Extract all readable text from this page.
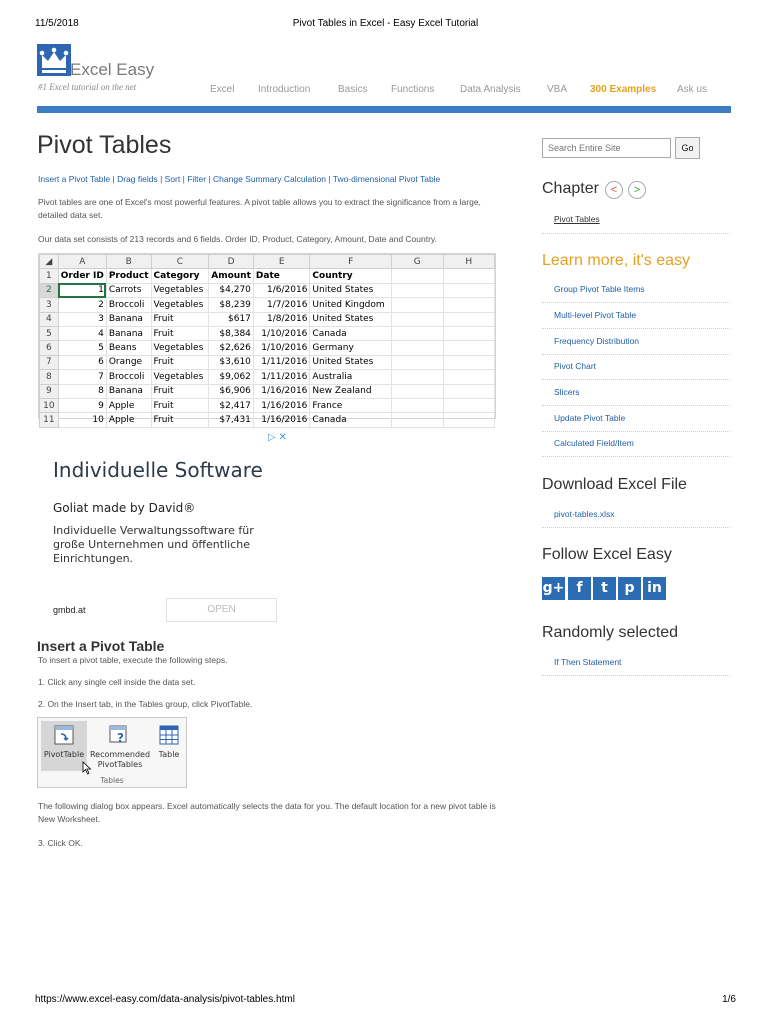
11/5/2018	Pivot Tables in Excel - Easy Excel Tutorial
Excel Easy
#1 Excel tutorial on the net	Excel Introduction	Basics Functions	Data Analysis	VBA 300 Examples Ask us
Pivot Tables
Insert a Pivot Table | Drag fields | Sort | Filter | Change Summary Calculation | Two-dimensional Pivot Table

Pivot tables are one of Excel's most powerful features. A pivot table allows you to extract the significance from a large, detailed data set.

Our data set consists of 213 records and 6 fields. Order ID, Product, Category, Amount, Date and Country.

◢	A	B	C	D	E	F	G	H
1	Order ID	Product	Category	Amount	Date	Country		
2	1	Carrots	Vegetables	$4,270	1/6/2016	United States		
3	2	Broccoli	Vegetables	$8,239	1/7/2016	United Kingdom		
4	3	Banana	Fruit	$617	1/8/2016	United States		
5	4	Banana	Fruit	$8,384	1/10/2016	Canada		
6	5	Beans	Vegetables	$2,626	1/10/2016	Germany		
7	6	Orange	Fruit	$3,610	1/11/2016	United States		
8	7	Broccoli	Vegetables	$9,062	1/11/2016	Australia		
9	8	Banana	Fruit	$6,906	1/16/2016	New Zealand		
10	9	Apple	Fruit	$2,417	1/16/2016	France		
11	10	Apple	Fruit	$7,431	1/16/2016	Canada		
▷ ✕
Individuelle Software
Goliat made by David®
Individuelle Verwaltungssoftware für große Unternehmen und öffentliche Einrichtungen.
gmbd.at	OPEN
Insert a Pivot Table

To insert a pivot table, execute the following steps.

1. Click any single cell inside the data set.

2. On the Insert tab, in the Tables group, click PivotTable.

PivotTable
?
Recommended PivotTables
Table
Tables

The following dialog box appears. Excel automatically selects the data for you. The default location for a new pivot table is New Worksheet.

3. Click OK.

Search Entire Site
Go
Chapter	<	>
Pivot Tables
Learn more, it's easy
Group Pivot Table Items
Multi-level Pivot Table
Frequency Distribution
Pivot Chart
Slicers
Update Pivot Table
Calculated Field/Item
Download Excel File
pivot-tables.xlsx
Follow Excel Easy
g+ f	t	p in
Randomly selected
If Then Statement
https://www.excel-easy.com/data-analysis/pivot-tables.html	1/6
